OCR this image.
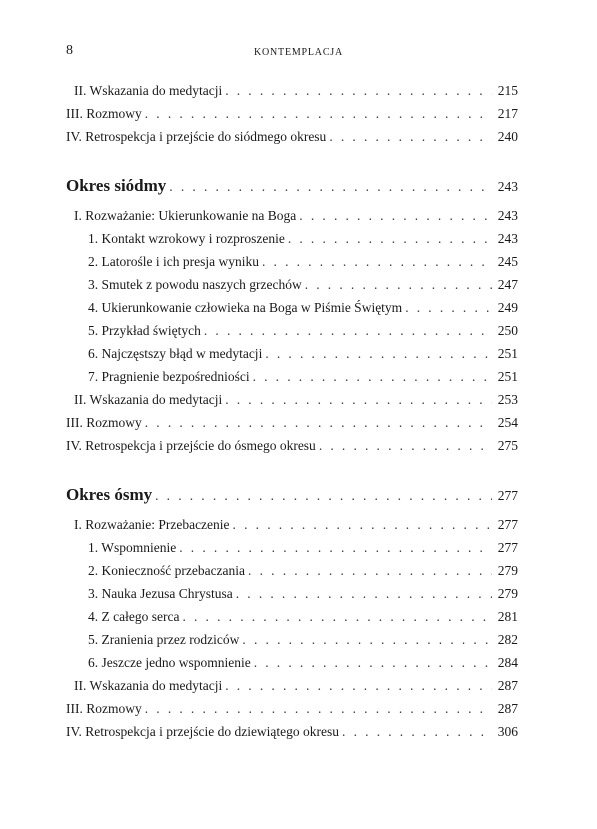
8	KONTEMPLACJA
II. Wskazania do medytacji . . .	215
III. Rozmowy . . .	217
IV. Retrospekcja i przejście do siódmego okresu . . .	240
Okres siódmy . . .	243
I. Rozważanie: Ukierunkowanie na Boga . . .	243
1. Kontakt wzrokowy i rozproszenie . . .	243
2. Latorośle i ich presja wyniku . . .	245
3. Smutek z powodu naszych grzechów . . .	247
4. Ukierunkowanie człowieka na Boga w Piśmie Świętym . . .	249
5. Przykład świętych . . .	250
6. Najczęstszy błąd w medytacji . . .	251
7. Pragnienie bezpośredniości . . .	251
II. Wskazania do medytacji . . .	253
III. Rozmowy . . .	254
IV. Retrospekcja i przejście do ósmego okresu . . .	275
Okres ósmy . . .	277
I. Rozważanie: Przebaczenie . . .	277
1. Wspomnienie . . .	277
2. Konieczność przebaczania . . .	279
3. Nauka Jezusa Chrystusa . . .	279
4. Z całego serca . . .	281
5. Zranienia przez rodziców . . .	282
6. Jeszcze jedno wspomnienie . . .	284
II. Wskazania do medytacji . . .	287
III. Rozmowy . . .	287
IV. Retrospekcja i przejście do dziewiątego okresu . . .	306
